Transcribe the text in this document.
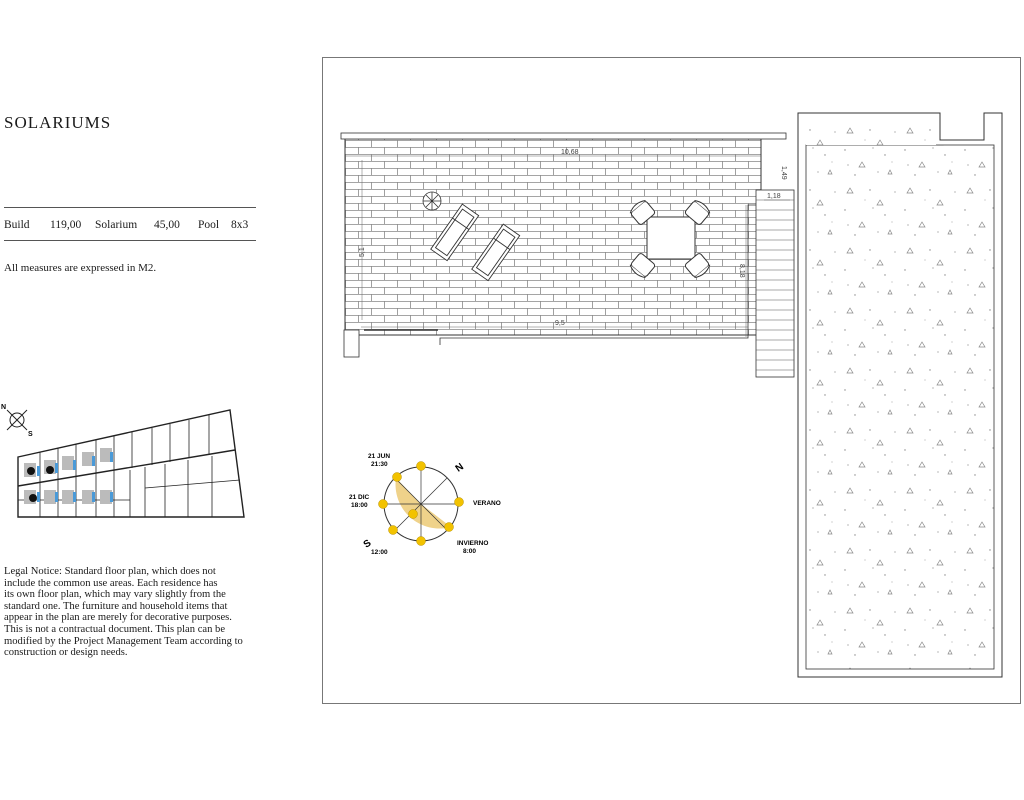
SOLARIUMS
Build	119,00	Solarium	45,00	Pool	8x3
All measures are expressed in M2.
N
S
21 JUN
21:30
21 DIC
18:00	VERANO
INVIERNO
8:00
12:00
N
S
Legal Notice: Standard floor plan, which does not
include the common use areas. Each residence has
its own floor plan, which may vary slightly from the
standard one. The furniture and household items that
appear in the plan are merely for decorative purposes.
This is not a contractual document. This plan can be
modified by the Project Management Team according to
construction or design needs.
10,68
9,5
5,1
1,18
1,49
8,18
